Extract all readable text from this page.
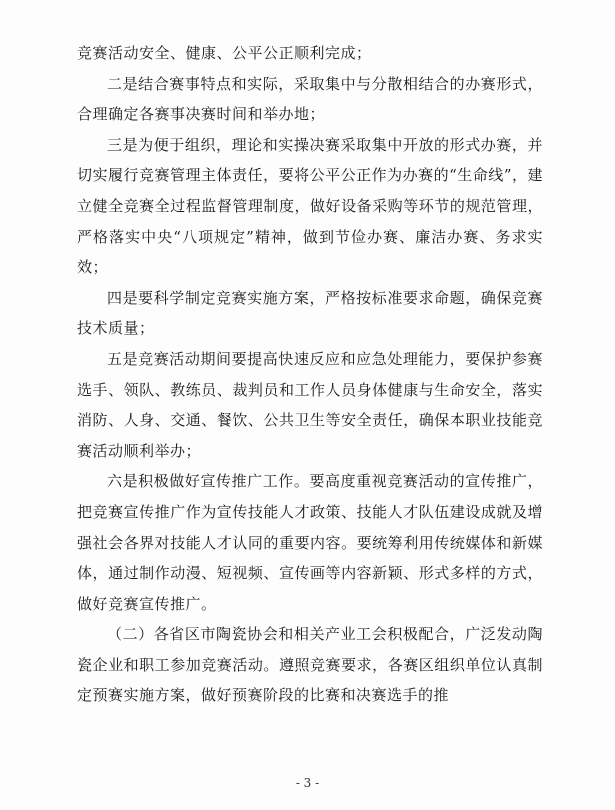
竞赛活动安全、健康、公平公正顺利完成；

二是结合赛事特点和实际，采取集中与分散相结合的办赛形式，合理确定各赛事决赛时间和举办地；

三是为便于组织，理论和实操决赛采取集中开放的形式办赛，并切实履行竞赛管理主体责任，要将公平公正作为办赛的“生命线”，建立健全竞赛全过程监督管理制度，做好设备采购等环节的规范管理，严格落实中央“八项规定”精神，做到节俭办赛、廉洁办赛、务求实效；

四是要科学制定竞赛实施方案，严格按标准要求命题，确保竞赛技术质量；

五是竞赛活动期间要提高快速反应和应急处理能力，要保护参赛选手、领队、教练员、裁判员和工作人员身体健康与生命安全，落实消防、人身、交通、餐饮、公共卫生等安全责任，确保本职业技能竞赛活动顺利举办；

六是积极做好宣传推广工作。要高度重视竞赛活动的宣传推广，把竞赛宣传推广作为宣传技能人才政策、技能人才队伍建设成就及增强社会各界对技能人才认同的重要内容。要统筹利用传统媒体和新媒体，通过制作动漫、短视频、宣传画等内容新颖、形式多样的方式，做好竞赛宣传推广。

（二）各省区市陶瓷协会和相关产业工会积极配合，广泛发动陶瓷企业和职工参加竞赛活动。遵照竞赛要求，各赛区组织单位认真制定预赛实施方案，做好预赛阶段的比赛和决赛选手的推

- 3 -
